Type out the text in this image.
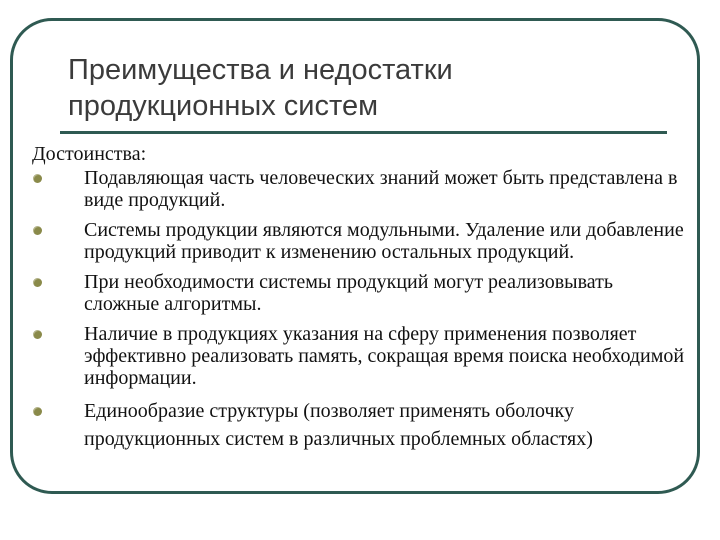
Преимущества и недостатки
продукционных систем

Достоинства:

Подавляющая часть человеческих знаний может быть представлена в виде продукций.
Системы продукции являются модульными. Удаление или добавление продукций приводит к изменению остальных продукций.
При необходимости системы продукций могут реализовывать сложные алгоритмы.
Наличие в продукциях указания на сферу применения позволяет эффективно реализовать память, сокращая время поиска необходимой информации.
Единообразие структуры (позволяет применять оболочку продукционных систем в различных проблемных областях)
